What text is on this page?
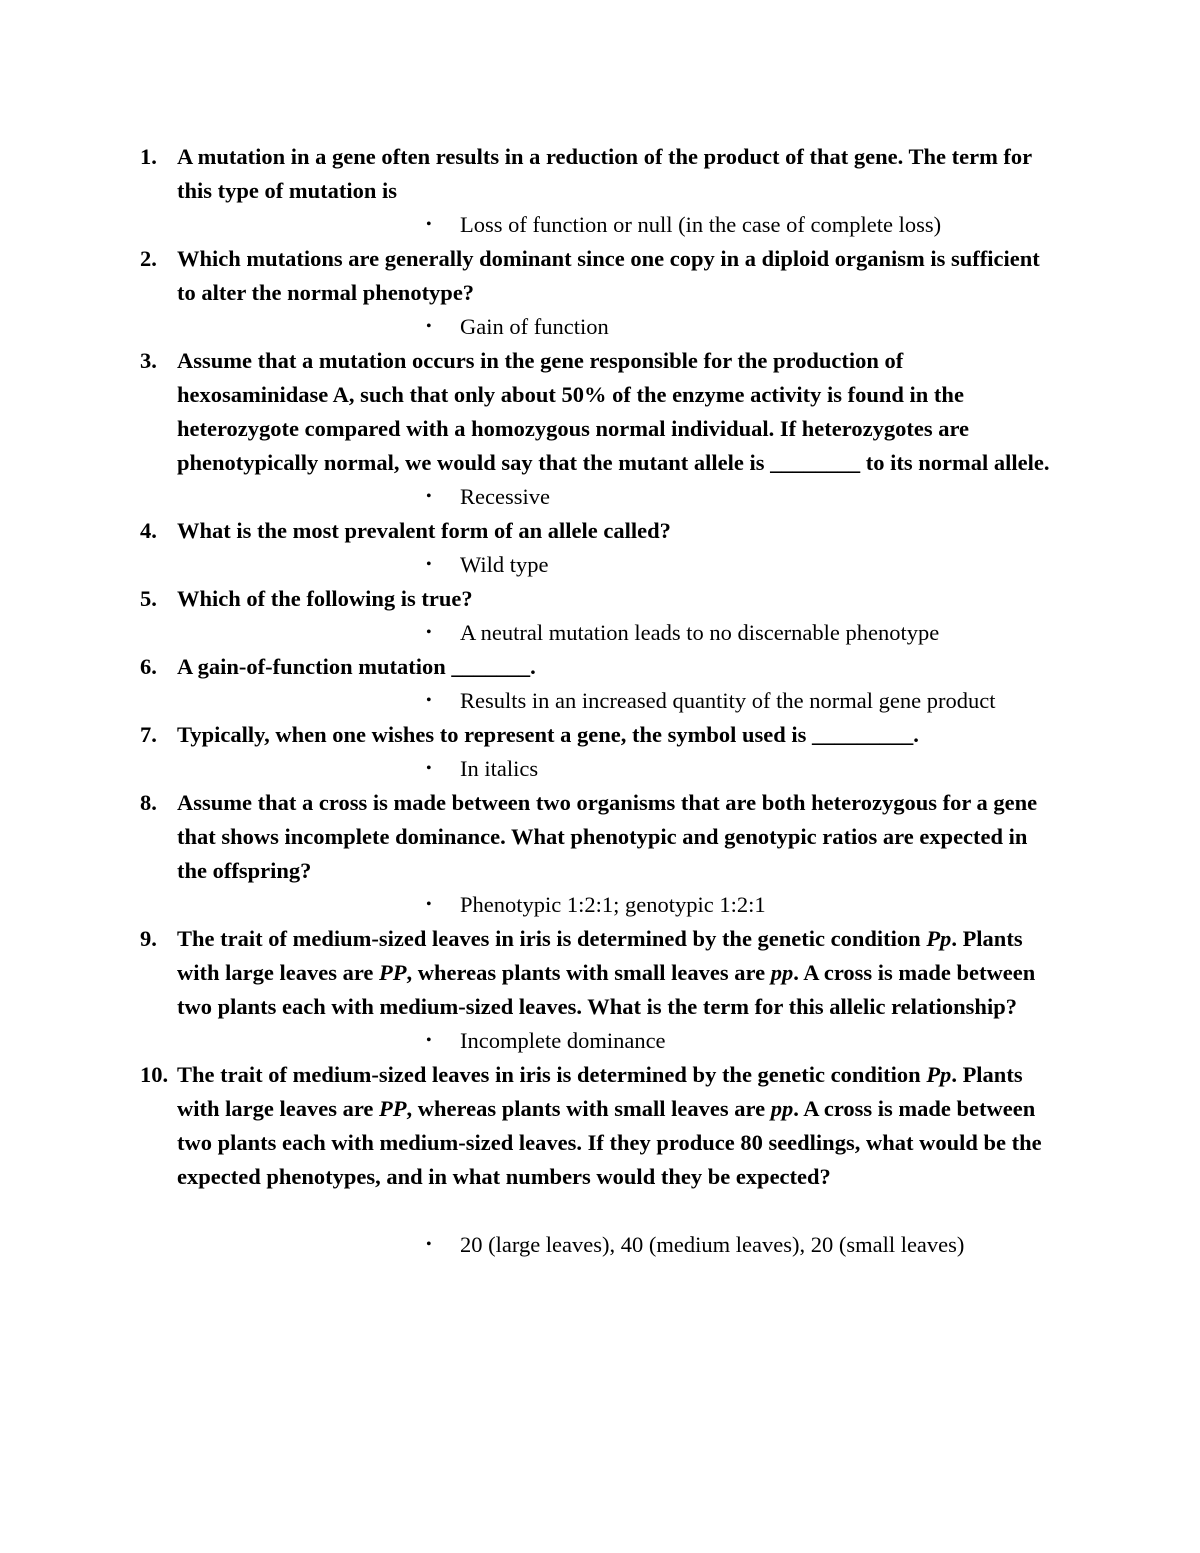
1. A mutation in a gene often results in a reduction of the product of that gene. The term for this type of mutation is
• Loss of function or null (in the case of complete loss)
2. Which mutations are generally dominant since one copy in a diploid organism is sufficient to alter the normal phenotype?
• Gain of function
3. Assume that a mutation occurs in the gene responsible for the production of hexosaminidase A, such that only about 50% of the enzyme activity is found in the heterozygote compared with a homozygous normal individual. If heterozygotes are phenotypically normal, we would say that the mutant allele is ________ to its normal allele.
• Recessive
4. What is the most prevalent form of an allele called?
• Wild type
5. Which of the following is true?
• A neutral mutation leads to no discernable phenotype
6. A gain-of-function mutation _______.
• Results in an increased quantity of the normal gene product
7. Typically, when one wishes to represent a gene, the symbol used is _________.
• In italics
8. Assume that a cross is made between two organisms that are both heterozygous for a gene that shows incomplete dominance. What phenotypic and genotypic ratios are expected in the offspring?
• Phenotypic 1:2:1; genotypic 1:2:1
9. The trait of medium-sized leaves in iris is determined by the genetic condition Pp. Plants with large leaves are PP, whereas plants with small leaves are pp. A cross is made between two plants each with medium-sized leaves. What is the term for this allelic relationship?
• Incomplete dominance
10. The trait of medium-sized leaves in iris is determined by the genetic condition Pp. Plants with large leaves are PP, whereas plants with small leaves are pp. A cross is made between two plants each with medium-sized leaves. If they produce 80 seedlings, what would be the expected phenotypes, and in what numbers would they be expected?
• 20 (large leaves), 40 (medium leaves), 20 (small leaves)
